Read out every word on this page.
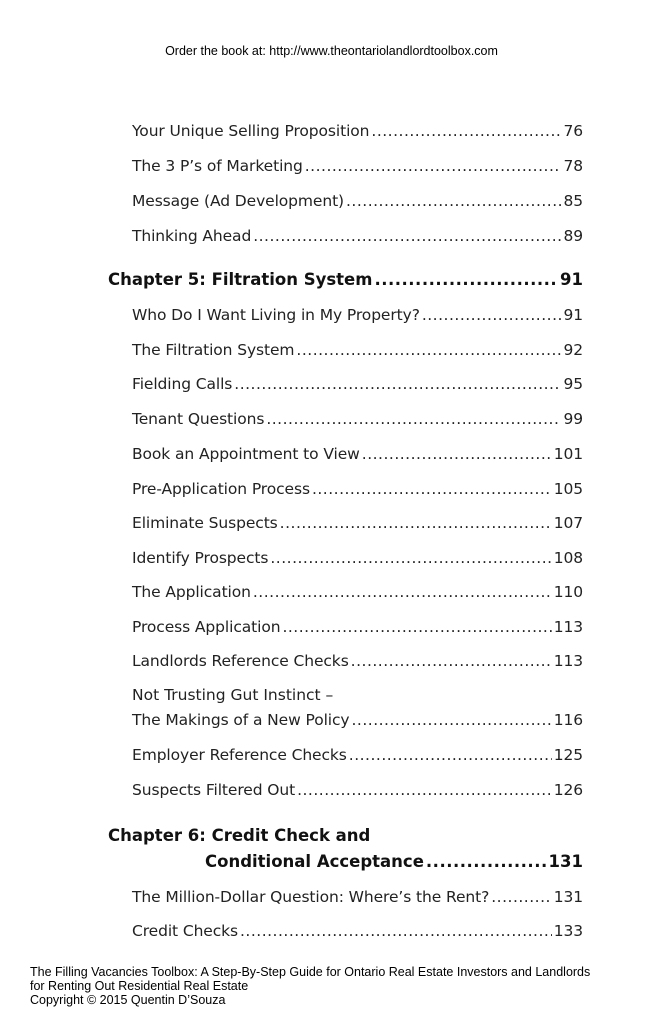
Order the book at: http://www.theontariolandlordtoolbox.com
Your Unique Selling Proposition .....	76
The 3 P’s of Marketing .....	78
Message (Ad Development) .....	85
Thinking Ahead .....	89
Chapter 5: Filtration System .....	91
Who Do I Want Living in My Property? .....	91
The Filtration System .....	92
Fielding Calls .....	95
Tenant Questions .....	99
Book an Appointment to View .....	101
Pre-Application Process .....	105
Eliminate Suspects .....	107
Identify Prospects .....	108
The Application .....	110
Process Application .....	113
Landlords Reference Checks .....	113
Not Trusting Gut Instinct –
The Makings of a New Policy .....	116
Employer Reference Checks .....	125
Suspects Filtered Out .....	126
Chapter 6: Credit Check and
Conditional Acceptance .....	131
The Million-Dollar Question: Where’s the Rent? .....	131
Credit Checks .....	133
The Filling Vacancies Toolbox: A Step-By-Step Guide for Ontario Real Estate Investors and Landlords
for Renting Out Residential Real Estate
Copyright © 2015 Quentin D’Souza
